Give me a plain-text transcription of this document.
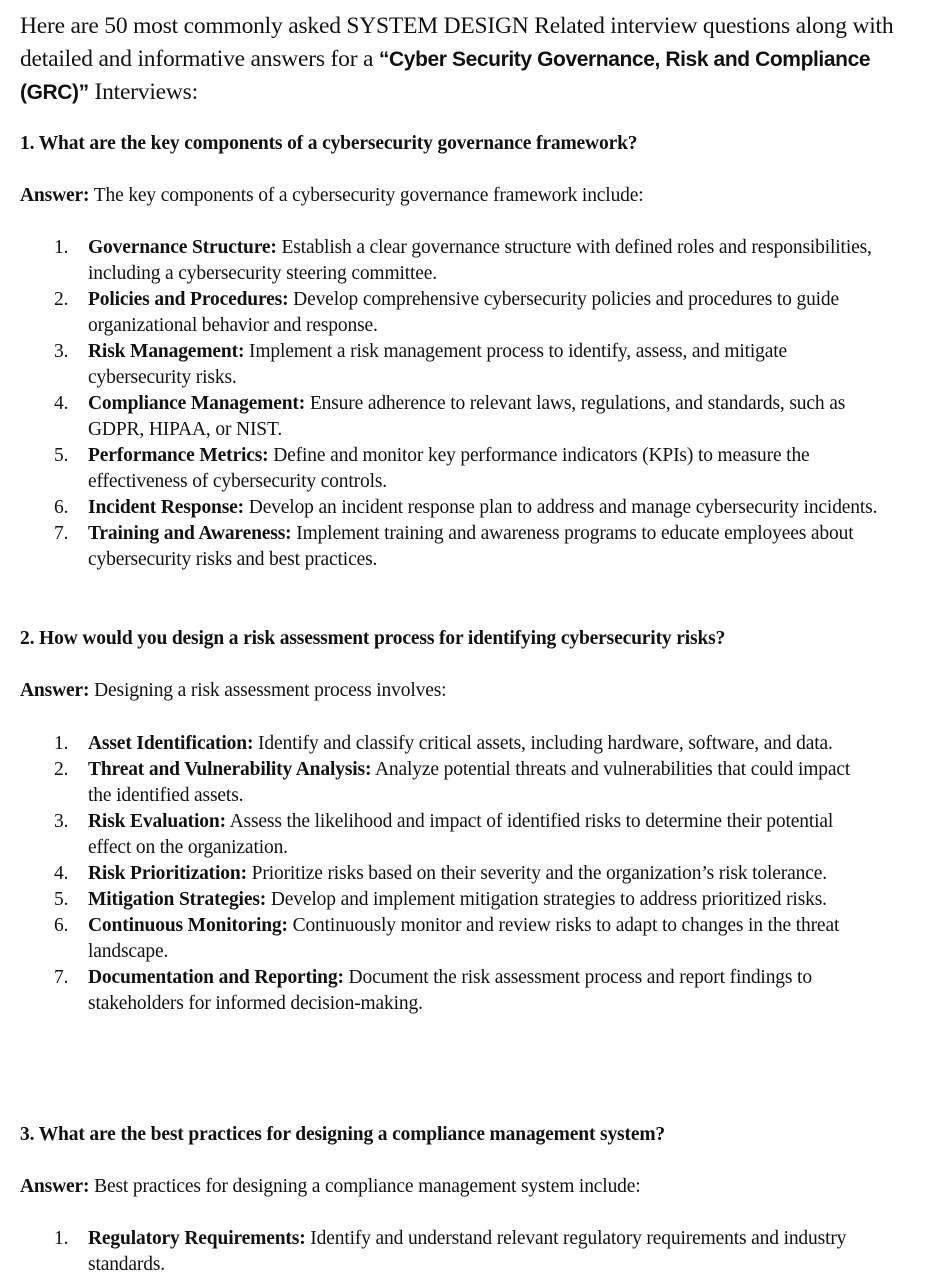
Here are 50 most commonly asked SYSTEM DESIGN Related interview questions along with detailed and informative answers for a “Cyber Security Governance, Risk and Compliance (GRC)” Interviews:

1. What are the key components of a cybersecurity governance framework?

Answer: The key components of a cybersecurity governance framework include:

1. Governance Structure: Establish a clear governance structure with defined roles and responsibilities, including a cybersecurity steering committee.
2. Policies and Procedures: Develop comprehensive cybersecurity policies and procedures to guide organizational behavior and response.
3. Risk Management: Implement a risk management process to identify, assess, and mitigate cybersecurity risks.
4. Compliance Management: Ensure adherence to relevant laws, regulations, and standards, such as GDPR, HIPAA, or NIST.
5. Performance Metrics: Define and monitor key performance indicators (KPIs) to measure the effectiveness of cybersecurity controls.
6. Incident Response: Develop an incident response plan to address and manage cybersecurity incidents.
7. Training and Awareness: Implement training and awareness programs to educate employees about cybersecurity risks and best practices.
2. How would you design a risk assessment process for identifying cybersecurity risks?

Answer: Designing a risk assessment process involves:

1. Asset Identification: Identify and classify critical assets, including hardware, software, and data.
2. Threat and Vulnerability Analysis: Analyze potential threats and vulnerabilities that could impact the identified assets.
3. Risk Evaluation: Assess the likelihood and impact of identified risks to determine their potential effect on the organization.
4. Risk Prioritization: Prioritize risks based on their severity and the organization’s risk tolerance.
5. Mitigation Strategies: Develop and implement mitigation strategies to address prioritized risks.
6. Continuous Monitoring: Continuously monitor and review risks to adapt to changes in the threat landscape.
7. Documentation and Reporting: Document the risk assessment process and report findings to stakeholders for informed decision-making.
3. What are the best practices for designing a compliance management system?

Answer: Best practices for designing a compliance management system include:

1. Regulatory Requirements: Identify and understand relevant regulatory requirements and industry standards.
